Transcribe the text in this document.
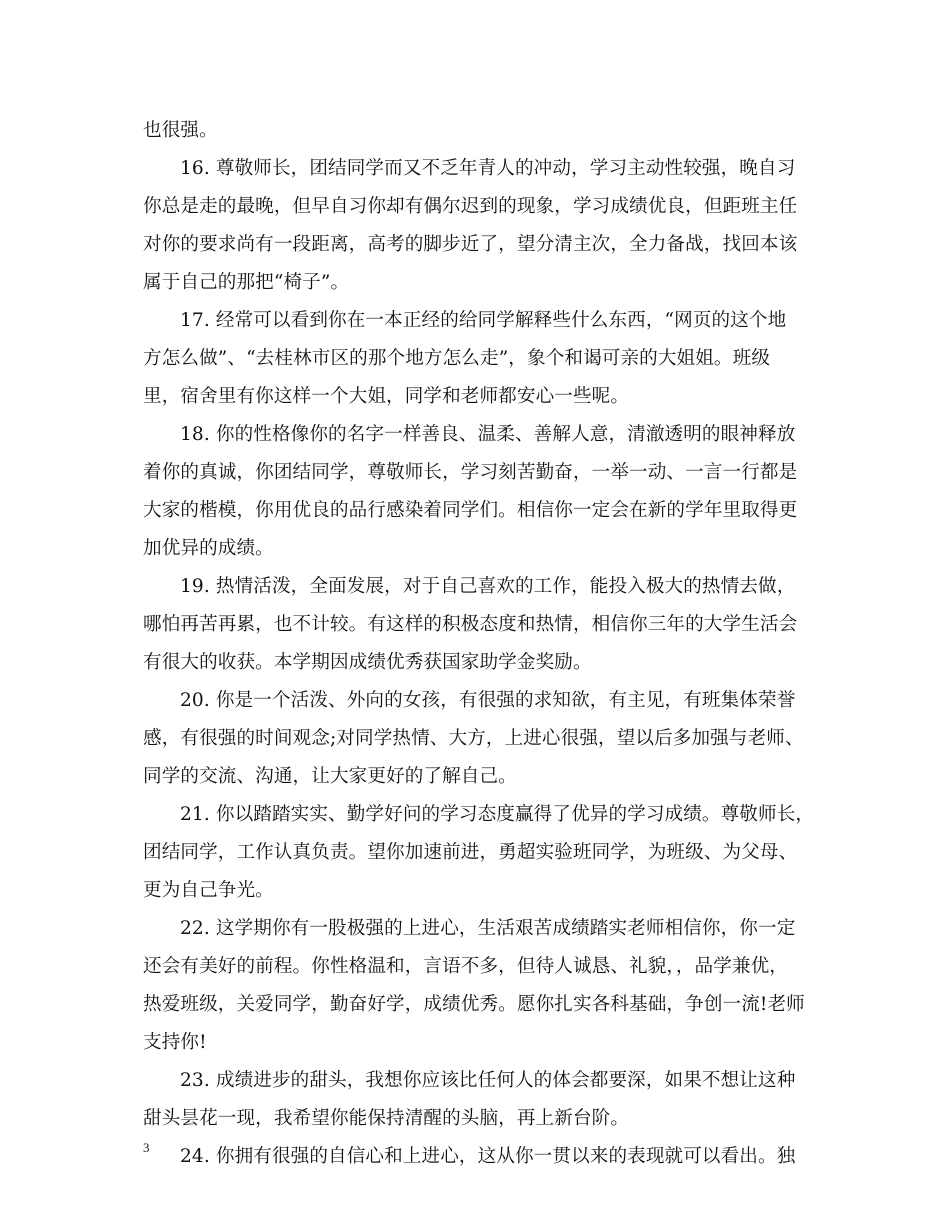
也很强。
16. 尊敬师长，团结同学而又不乏年青人的冲动，学习主动性较强，晚自习
你总是走的最晚，但早自习你却有偶尔迟到的现象，学习成绩优良，但距班主任
对你的要求尚有一段距离，高考的脚步近了，望分清主次，全力备战，找回本该
属于自己的那把“椅子”。
17. 经常可以看到你在一本正经的给同学解释些什么东西，“网页的这个地
方怎么做”、“去桂林市区的那个地方怎么走”，象个和谒可亲的大姐姐。班级
里，宿舍里有你这样一个大姐，同学和老师都安心一些呢。
18. 你的性格像你的名字一样善良、温柔、善解人意，清澈透明的眼神释放
着你的真诚，你团结同学，尊敬师长，学习刻苦勤奋，一举一动、一言一行都是
大家的楷模，你用优良的品行感染着同学们。相信你一定会在新的学年里取得更
加优异的成绩。
19. 热情活泼，全面发展，对于自己喜欢的工作，能投入极大的热情去做，
哪怕再苦再累，也不计较。有这样的积极态度和热情，相信你三年的大学生活会
有很大的收获。本学期因成绩优秀获国家助学金奖励。
20. 你是一个活泼、外向的女孩，有很强的求知欲，有主见，有班集体荣誉
感，有很强的时间观念;对同学热情、大方，上进心很强，望以后多加强与老师、
同学的交流、沟通，让大家更好的了解自己。
21. 你以踏踏实实、勤学好问的学习态度赢得了优异的学习成绩。尊敬师长，
团结同学，工作认真负责。望你加速前进，勇超实验班同学，为班级、为父母、
更为自己争光。
22. 这学期你有一股极强的上进心，生活艰苦成绩踏实老师相信你，你一定
还会有美好的前程。你性格温和，言语不多，但待人诚恳、礼貌，，品学兼优，
热爱班级，关爱同学，勤奋好学，成绩优秀。愿你扎实各科基础，争创一流!老师
支持你!
23. 成绩进步的甜头，我想你应该比任何人的体会都要深，如果不想让这种
甜头昙花一现，我希望你能保持清醒的头脑，再上新台阶。
24. 你拥有很强的自信心和上进心，这从你一贯以来的表现就可以看出。独
3
